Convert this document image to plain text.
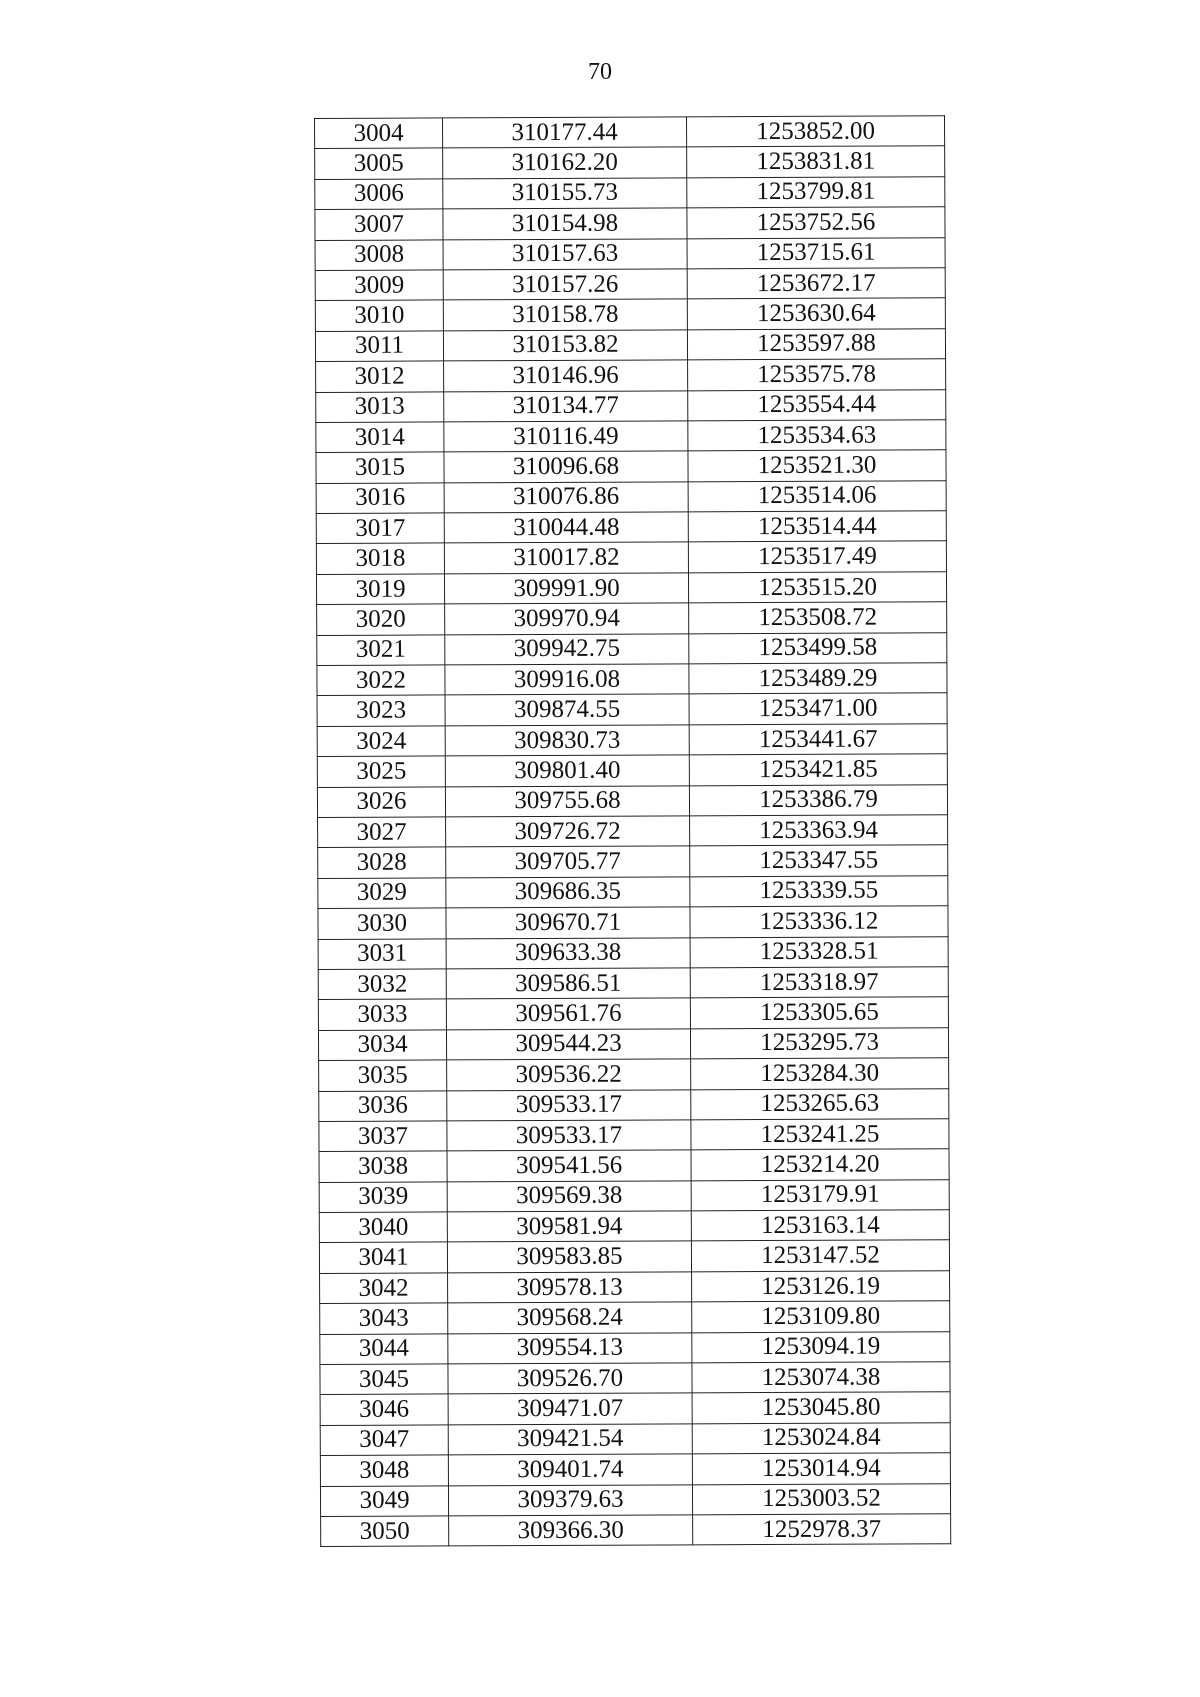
70
3004	310177.44	1253852.00
3005	310162.20	1253831.81
3006	310155.73	1253799.81
3007	310154.98	1253752.56
3008	310157.63	1253715.61
3009	310157.26	1253672.17
3010	310158.78	1253630.64
3011	310153.82	1253597.88
3012	310146.96	1253575.78
3013	310134.77	1253554.44
3014	310116.49	1253534.63
3015	310096.68	1253521.30
3016	310076.86	1253514.06
3017	310044.48	1253514.44
3018	310017.82	1253517.49
3019	309991.90	1253515.20
3020	309970.94	1253508.72
3021	309942.75	1253499.58
3022	309916.08	1253489.29
3023	309874.55	1253471.00
3024	309830.73	1253441.67
3025	309801.40	1253421.85
3026	309755.68	1253386.79
3027	309726.72	1253363.94
3028	309705.77	1253347.55
3029	309686.35	1253339.55
3030	309670.71	1253336.12
3031	309633.38	1253328.51
3032	309586.51	1253318.97
3033	309561.76	1253305.65
3034	309544.23	1253295.73
3035	309536.22	1253284.30
3036	309533.17	1253265.63
3037	309533.17	1253241.25
3038	309541.56	1253214.20
3039	309569.38	1253179.91
3040	309581.94	1253163.14
3041	309583.85	1253147.52
3042	309578.13	1253126.19
3043	309568.24	1253109.80
3044	309554.13	1253094.19
3045	309526.70	1253074.38
3046	309471.07	1253045.80
3047	309421.54	1253024.84
3048	309401.74	1253014.94
3049	309379.63	1253003.52
3050	309366.30	1252978.37
